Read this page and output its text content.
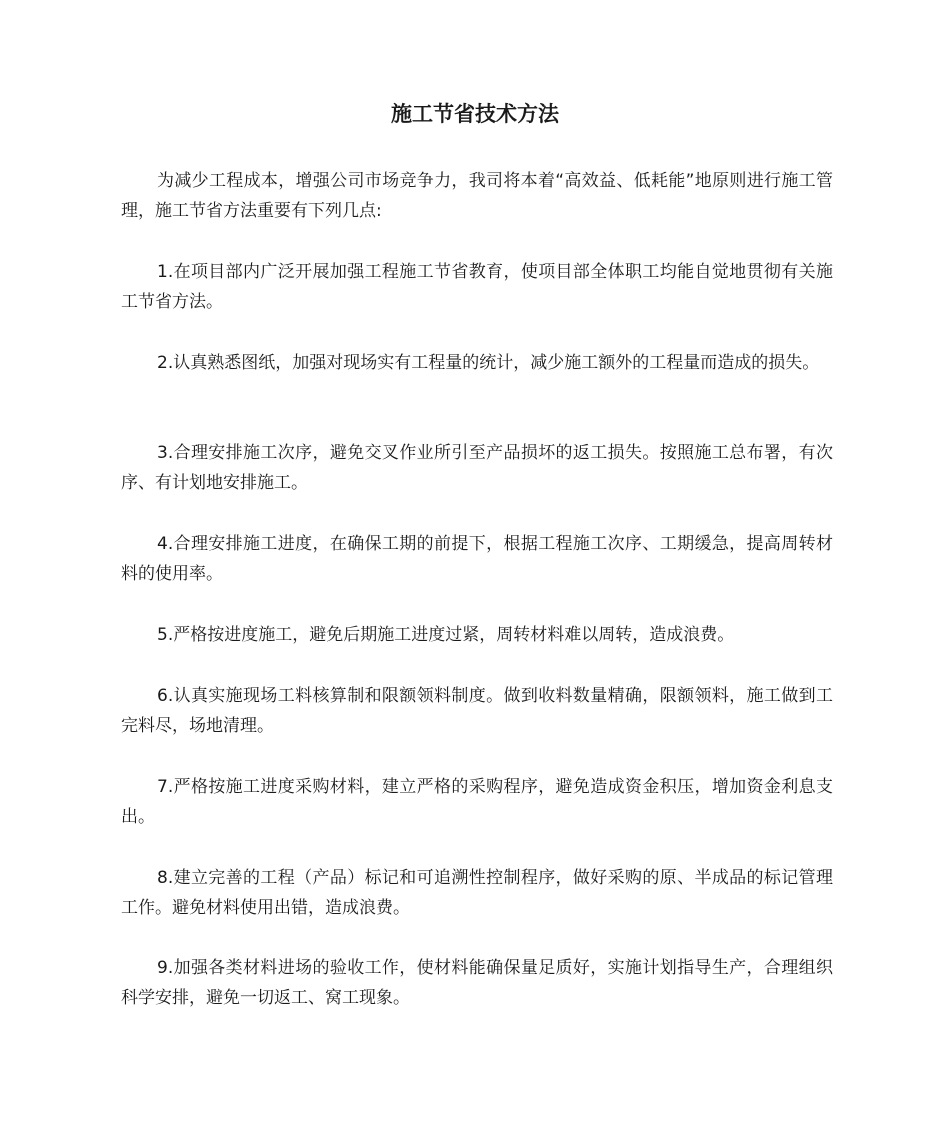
施工节省技术方法

为减少工程成本，增强公司市场竞争力，我司将本着“高效益、低耗能”地原则进行施工管理，施工节省方法重要有下列几点:

1.在项目部内广泛开展加强工程施工节省教育，使项目部全体职工均能自觉地贯彻有关施工节省方法。

2.认真熟悉图纸，加强对现场实有工程量的统计，减少施工额外的工程量而造成的损失。

3.合理安排施工次序，避免交叉作业所引至产品损坏的返工损失。按照施工总布署，有次序、有计划地安排施工。

4.合理安排施工进度，在确保工期的前提下，根据工程施工次序、工期缓急，提高周转材料的使用率。

5.严格按进度施工，避免后期施工进度过紧，周转材料难以周转，造成浪费。

6.认真实施现场工料核算制和限额领料制度。做到收料数量精确，限额领料，施工做到工完料尽，场地清理。

7.严格按施工进度采购材料，建立严格的采购程序，避免造成资金积压，增加资金利息支出。

8.建立完善的工程（产品）标记和可追溯性控制程序，做好采购的原、半成品的标记管理工作。避免材料使用出错，造成浪费。

9.加强各类材料进场的验收工作，使材料能确保量足质好，实施计划指导生产，合理组织科学安排，避免一切返工、窝工现象。
